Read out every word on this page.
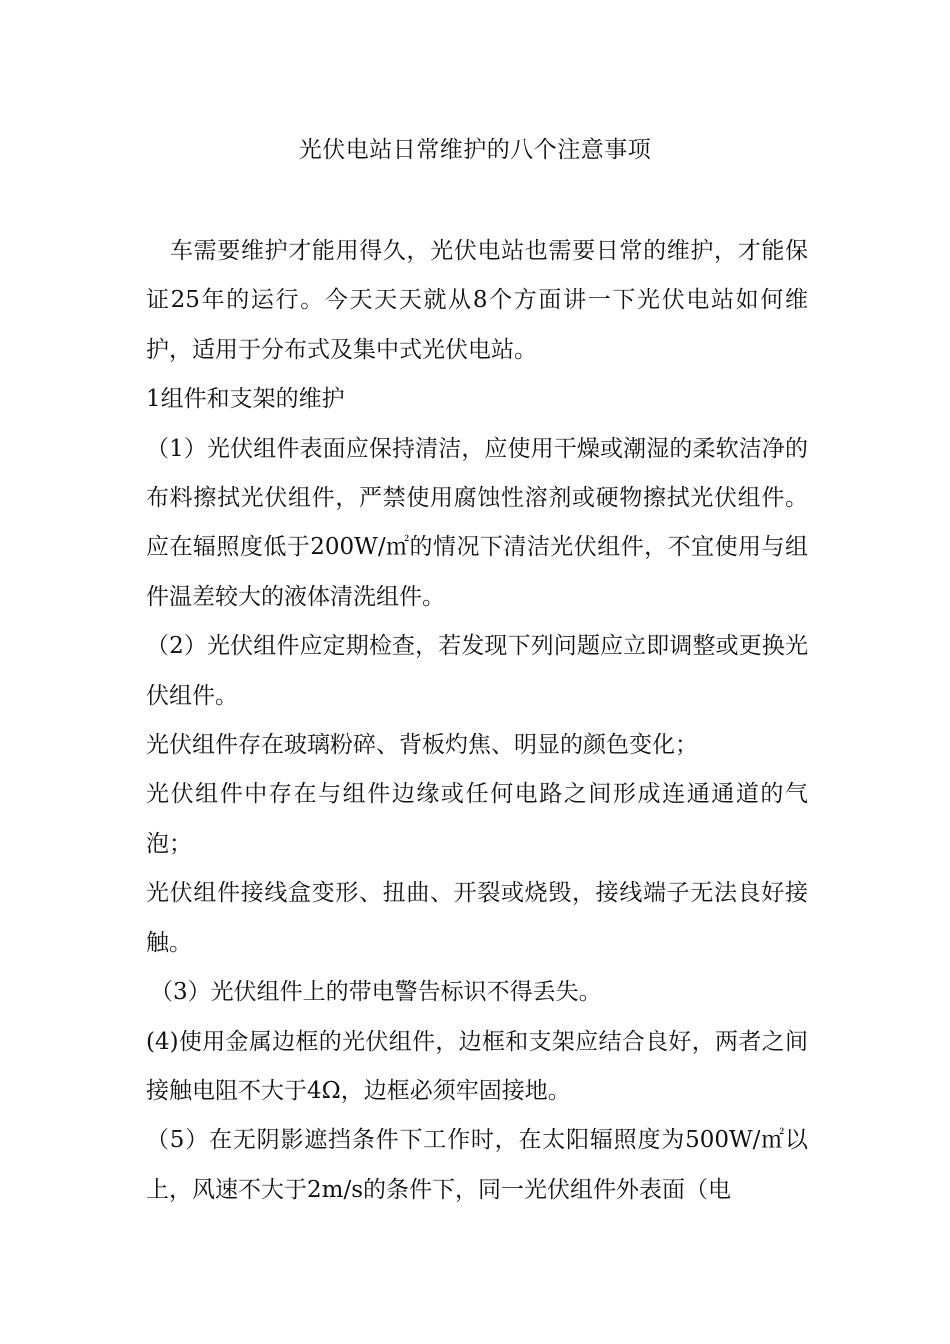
光伏电站日常维护的八个注意事项

车需要维护才能用得久，光伏电站也需要日常的维护，才能保证25年的运行。今天天天就从8个方面讲一下光伏电站如何维护，适用于分布式及集中式光伏电站。

1组件和支架的维护

（1）光伏组件表面应保持清洁，应使用干燥或潮湿的柔软洁净的布料擦拭光伏组件，严禁使用腐蚀性溶剂或硬物擦拭光伏组件。应在辐照度低于200W/㎡的情况下清洁光伏组件，不宜使用与组件温差较大的液体清洗组件。

（2）光伏组件应定期检查，若发现下列问题应立即调整或更换光伏组件。

光伏组件存在玻璃粉碎、背板灼焦、明显的颜色变化；

光伏组件中存在与组件边缘或任何电路之间形成连通通道的气泡；

光伏组件接线盒变形、扭曲、开裂或烧毁，接线端子无法良好接触。

（3）光伏组件上的带电警告标识不得丢失。

(4)使用金属边框的光伏组件，边框和支架应结合良好，两者之间接触电阻不大于4Ω，边框必须牢固接地。

（5）在无阴影遮挡条件下工作时，在太阳辐照度为500W/㎡以上，风速不大于2m/s的条件下，同一光伏组件外表面（电
